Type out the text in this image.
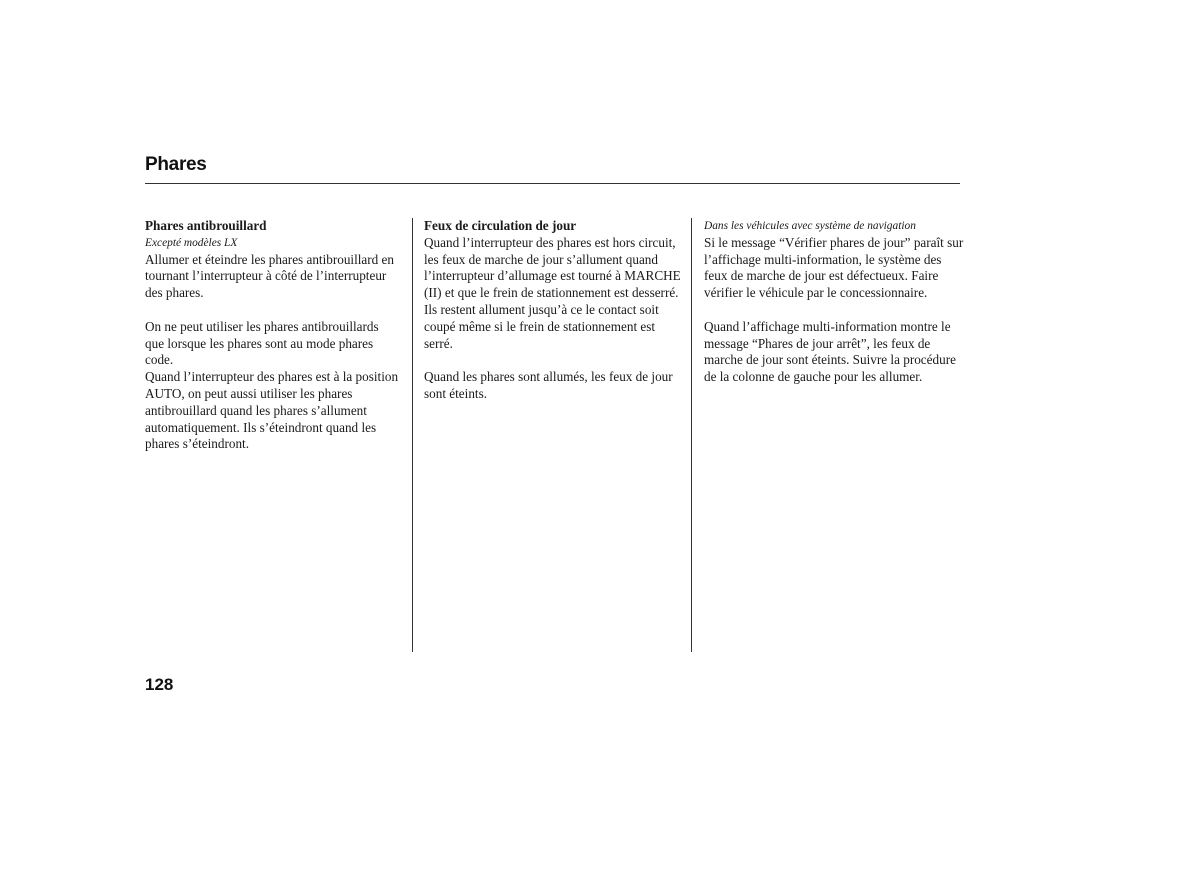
Phares

Phares antibrouillard

Excepté modèles LX

Allumer et éteindre les phares antibrouillard en tournant l’interrupteur à côté de l’interrupteur des phares.

On ne peut utiliser les phares antibrouillards que lorsque les phares sont au mode phares code.

Quand l’interrupteur des phares est à la position AUTO, on peut aussi utiliser les phares antibrouillard quand les phares s’allument automatiquement. Ils s’éteindront quand les phares s’éteindront.

Feux de circulation de jour

Quand l’interrupteur des phares est hors circuit, les feux de marche de jour s’allument quand l’interrupteur d’allumage est tourné à MARCHE (II) et que le frein de stationnement est desserré. Ils restent allument jusqu’à ce le contact soit coupé même si le frein de stationnement est serré.

Quand les phares sont allumés, les feux de jour sont éteints.

Dans les véhicules avec système de navigation

Si le message “Vérifier phares de jour” paraît sur l’affichage multi-information, le système des feux de marche de jour est défectueux. Faire vérifier le véhicule par le concessionnaire.

Quand l’affichage multi-information montre le message “Phares de jour arrêt”, les feux de marche de jour sont éteints. Suivre la procédure de la colonne de gauche pour les allumer.

128
